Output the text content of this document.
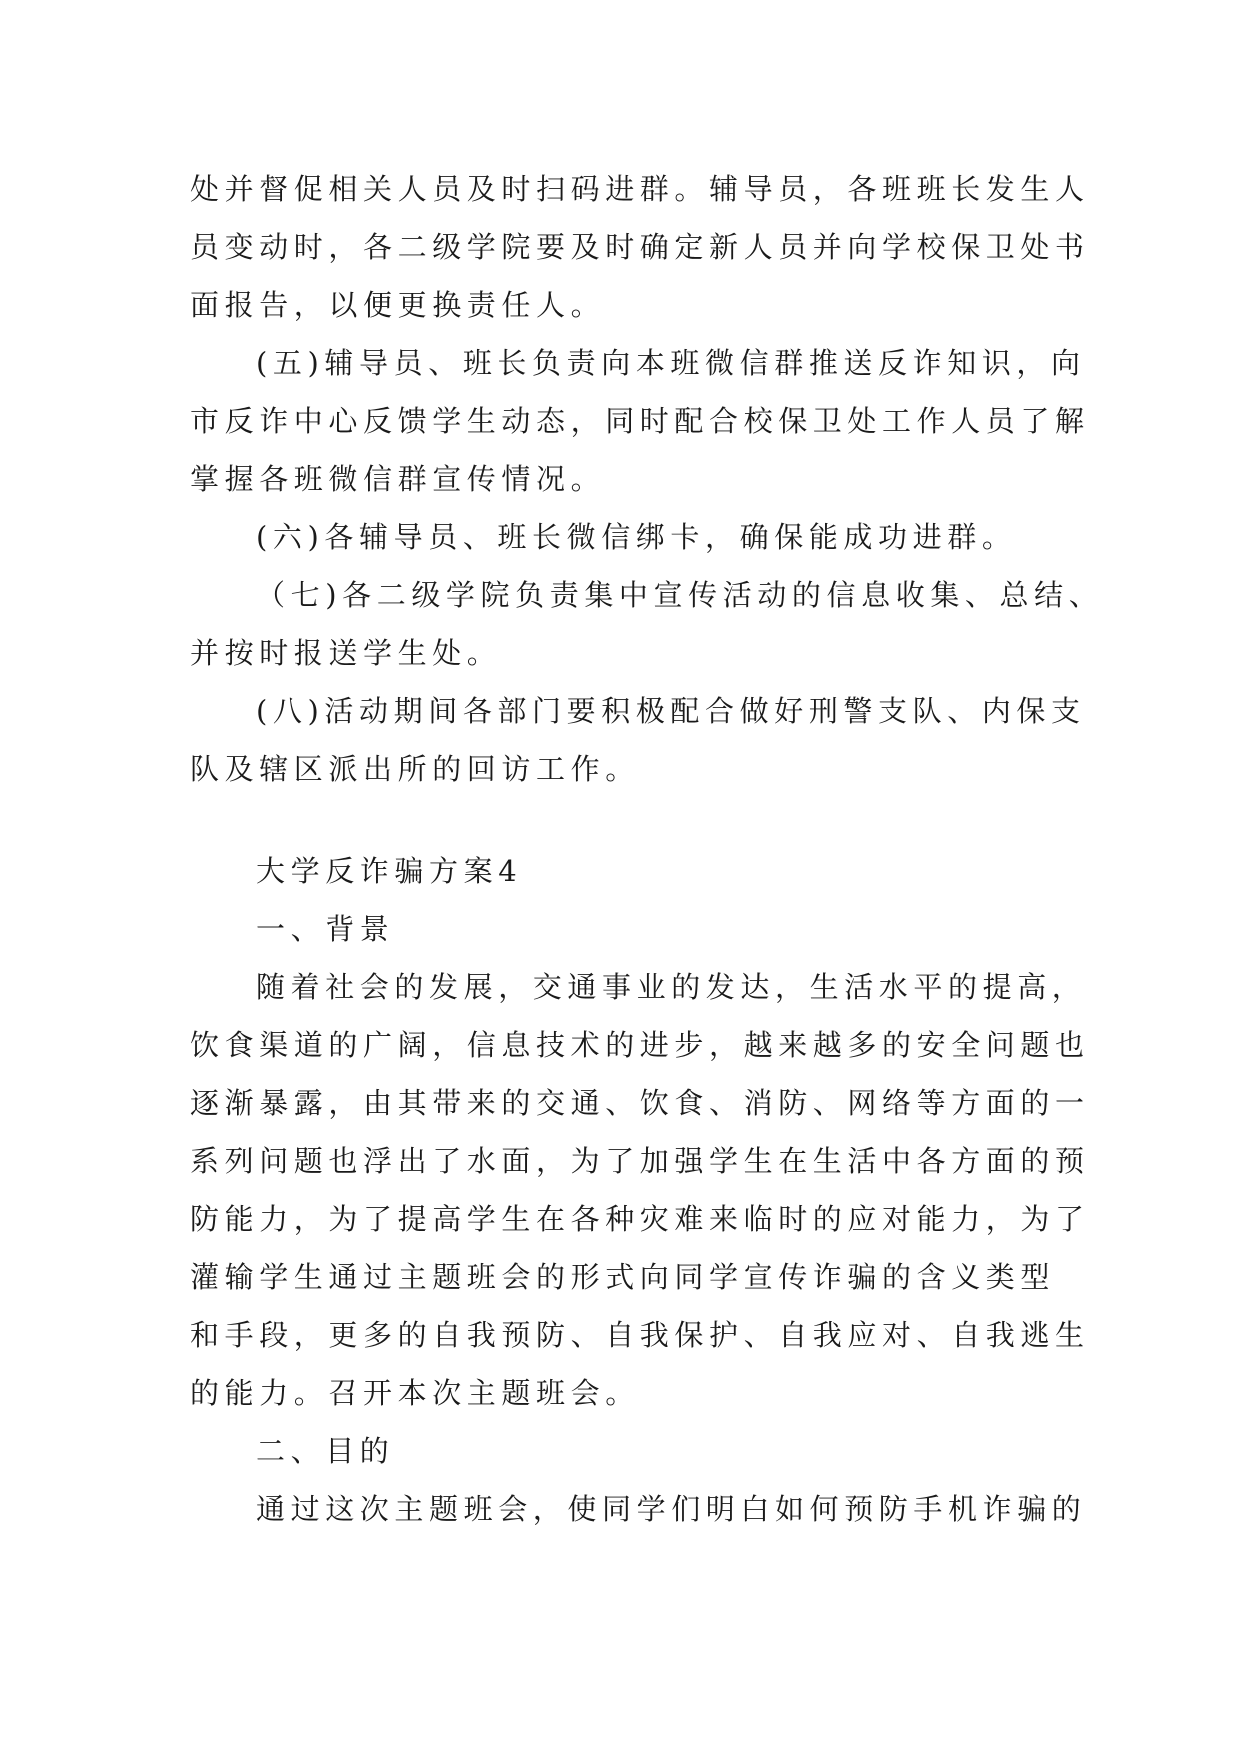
处并督促相关人员及时扫码进群。辅导员，各班班长发生人
员变动时，各二级学院要及时确定新人员并向学校保卫处书
面报告，以便更换责任人。
(五)辅导员、班长负责向本班微信群推送反诈知识，向
市反诈中心反馈学生动态，同时配合校保卫处工作人员了解
掌握各班微信群宣传情况。
(六)各辅导员、班长微信绑卡，确保能成功进群。
（七)各二级学院负责集中宣传活动的信息收集、总结、
并按时报送学生处。
(八)活动期间各部门要积极配合做好刑警支队、内保支
队及辖区派出所的回访工作。
大学反诈骗方案4
一、背景
随着社会的发展，交通事业的发达，生活水平的提高，
饮食渠道的广阔，信息技术的进步，越来越多的安全问题也
逐渐暴露，由其带来的交通、饮食、消防、网络等方面的一
系列问题也浮出了水面，为了加强学生在生活中各方面的预
防能力，为了提高学生在各种灾难来临时的应对能力，为了
灌输学生通过主题班会的形式向同学宣传诈骗的含义类型
和手段，更多的自我预防、自我保护、自我应对、自我逃生
的能力。召开本次主题班会。
二、目的
通过这次主题班会，使同学们明白如何预防手机诈骗的
